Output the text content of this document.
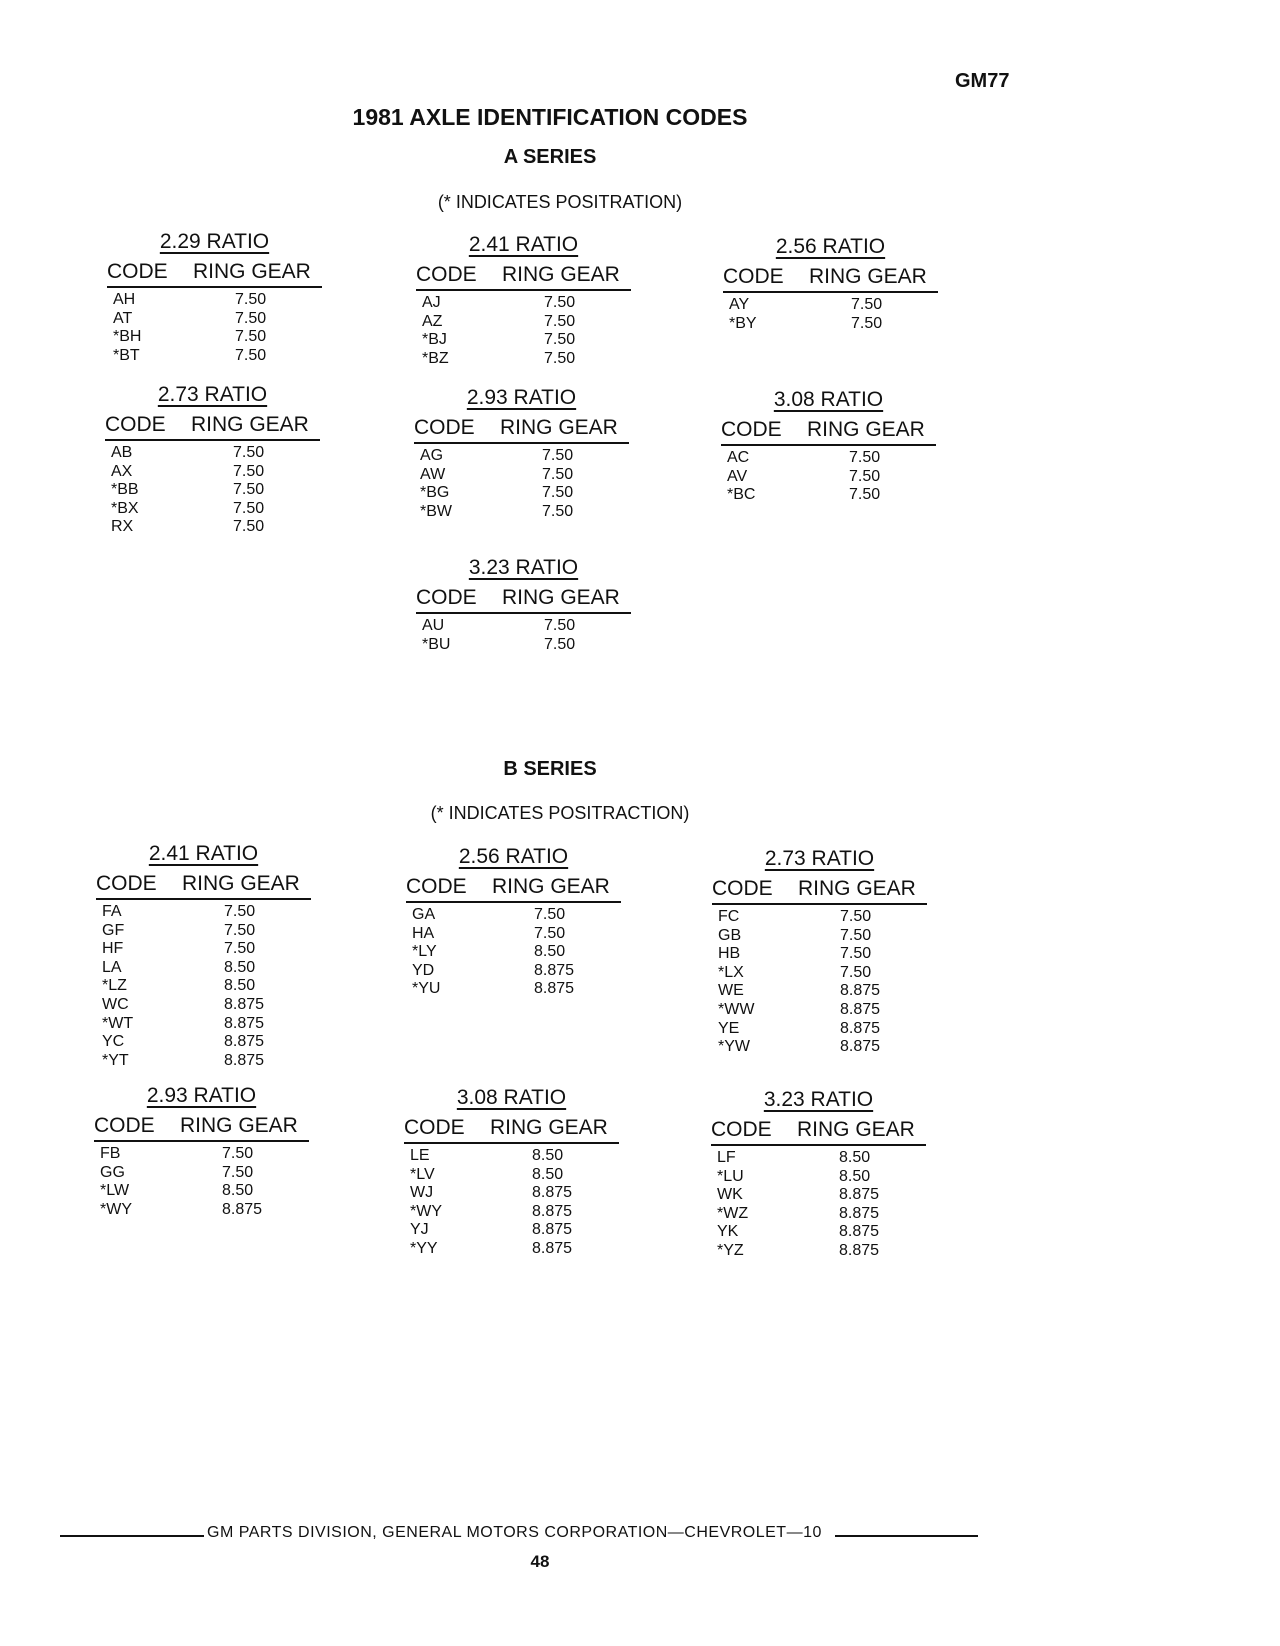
GM77
1981 AXLE IDENTIFICATION CODES
A SERIES
(* INDICATES POSITRATION)
2.29 RATIO
CODE	RING GEAR
AH	7.50
AT	7.50
*BH	7.50
*BT	7.50
2.41 RATIO
CODE	RING GEAR
AJ	7.50
AZ	7.50
*BJ	7.50
*BZ	7.50
2.56 RATIO
CODE	RING GEAR
AY	7.50
*BY	7.50
2.73 RATIO
CODE	RING GEAR
AB	7.50
AX	7.50
*BB	7.50
*BX	7.50
RX	7.50
2.93 RATIO
CODE	RING GEAR
AG	7.50
AW	7.50
*BG	7.50
*BW	7.50
3.08 RATIO
CODE	RING GEAR
AC	7.50
AV	7.50
*BC	7.50
3.23 RATIO
CODE	RING GEAR
AU	7.50
*BU	7.50
B SERIES
(* INDICATES POSITRACTION)
2.41 RATIO
CODE	RING GEAR
FA	7.50
GF	7.50
HF	7.50
LA	8.50
*LZ	8.50
WC	8.875
*WT	8.875
YC	8.875
*YT	8.875
2.56 RATIO
CODE	RING GEAR
GA	7.50
HA	7.50
*LY	8.50
YD	8.875
*YU	8.875
2.73 RATIO
CODE	RING GEAR
FC	7.50
GB	7.50
HB	7.50
*LX	7.50
WE	8.875
*WW	8.875
YE	8.875
*YW	8.875
2.93 RATIO
CODE	RING GEAR
FB	7.50
GG	7.50
*LW	8.50
*WY	8.875
3.08 RATIO
CODE	RING GEAR
LE	8.50
*LV	8.50
WJ	8.875
*WY	8.875
YJ	8.875
*YY	8.875
3.23 RATIO
CODE	RING GEAR
LF	8.50
*LU	8.50
WK	8.875
*WZ	8.875
YK	8.875
*YZ	8.875
GM PARTS DIVISION, GENERAL MOTORS CORPORATION—CHEVROLET—10
48
